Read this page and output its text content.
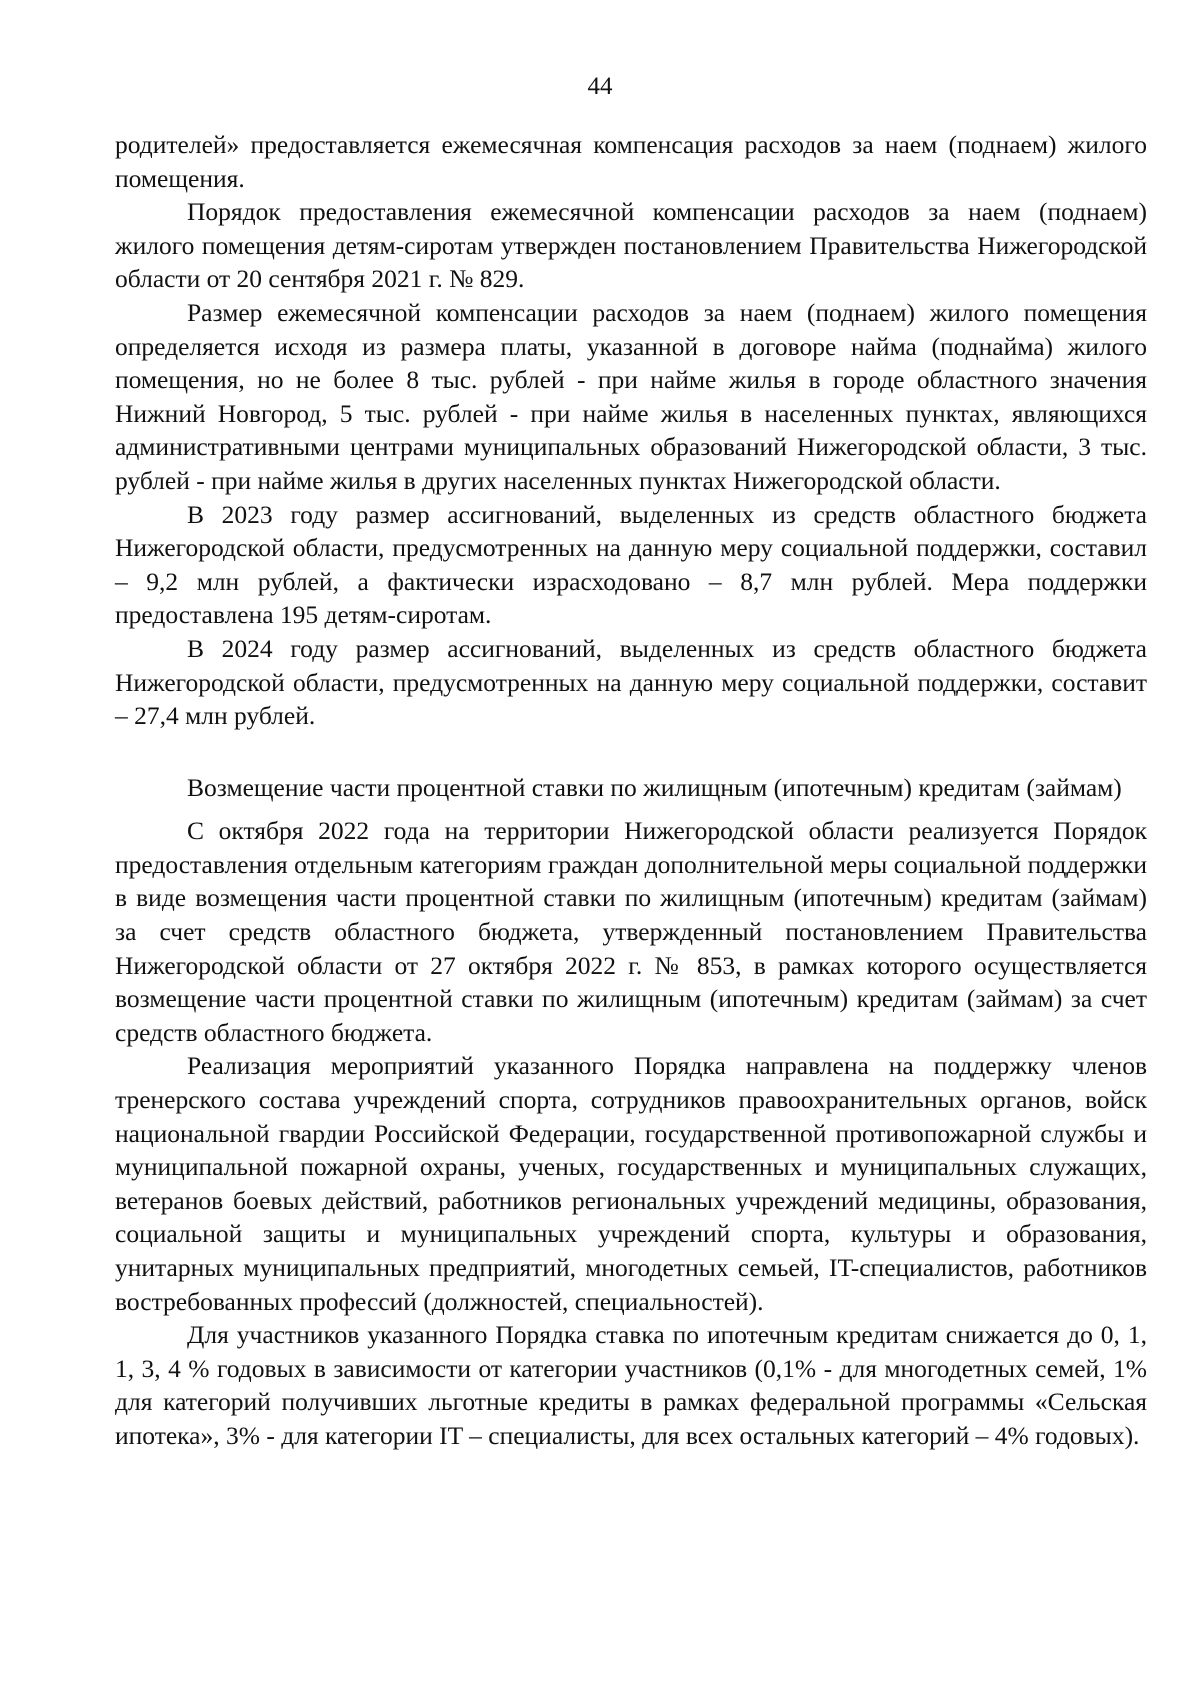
44

родителей» предоставляется ежемесячная компенсация расходов за наем (поднаем) жилого помещения.

Порядок предоставления ежемесячной компенсации расходов за наем (поднаем) жилого помещения детям-сиротам утвержден постановлением Правительства Нижегородской области от 20 сентября 2021 г. № 829.

Размер ежемесячной компенсации расходов за наем (поднаем) жилого помещения определяется исходя из размера платы, указанной в договоре найма (поднайма) жилого помещения, но не более 8 тыс. рублей - при найме жилья в городе областного значения Нижний Новгород, 5 тыс. рублей - при найме жилья в населенных пунктах, являющихся административными центрами муниципальных образований Нижегородской области, 3 тыс. рублей - при найме жилья в других населенных пунктах Нижегородской области.

В 2023 году размер ассигнований, выделенных из средств областного бюджета Нижегородской области, предусмотренных на данную меру социальной поддержки, составил – 9,2 млн рублей, а фактически израсходовано – 8,7 млн рублей. Мера поддержки предоставлена 195 детям-сиротам.

В 2024 году размер ассигнований, выделенных из средств областного бюджета Нижегородской области, предусмотренных на данную меру социальной поддержки, составит – 27,4 млн рублей.

Возмещение части процентной ставки по жилищным (ипотечным) кредитам (займам)

С октября 2022 года на территории Нижегородской области реализуется Порядок предоставления отдельным категориям граждан дополнительной меры социальной поддержки в виде возмещения части процентной ставки по жилищным (ипотечным) кредитам (займам) за счет средств областного бюджета, утвержденный постановлением Правительства Нижегородской области от 27 октября 2022 г. № 853, в рамках которого осуществляется возмещение части процентной ставки по жилищным (ипотечным) кредитам (займам) за счет средств областного бюджета.

Реализация мероприятий указанного Порядка направлена на поддержку членов тренерского состава учреждений спорта, сотрудников правоохранительных органов, войск национальной гвардии Российской Федерации, государственной противопожарной службы и муниципальной пожарной охраны, ученых, государственных и муниципальных служащих, ветеранов боевых действий, работников региональных учреждений медицины, образования, социальной защиты и муниципальных учреждений спорта, культуры и образования, унитарных муниципальных предприятий, многодетных семьей, IT-специалистов, работников востребованных профессий (должностей, специальностей).

Для участников указанного Порядка ставка по ипотечным кредитам снижается до 0, 1, 1, 3, 4 % годовых в зависимости от категории участников (0,1% - для многодетных семей, 1% для категорий получивших льготные кредиты в рамках федеральной программы «Сельская ипотека», 3% - для категории IT – специалисты, для всех остальных категорий – 4% годовых).
